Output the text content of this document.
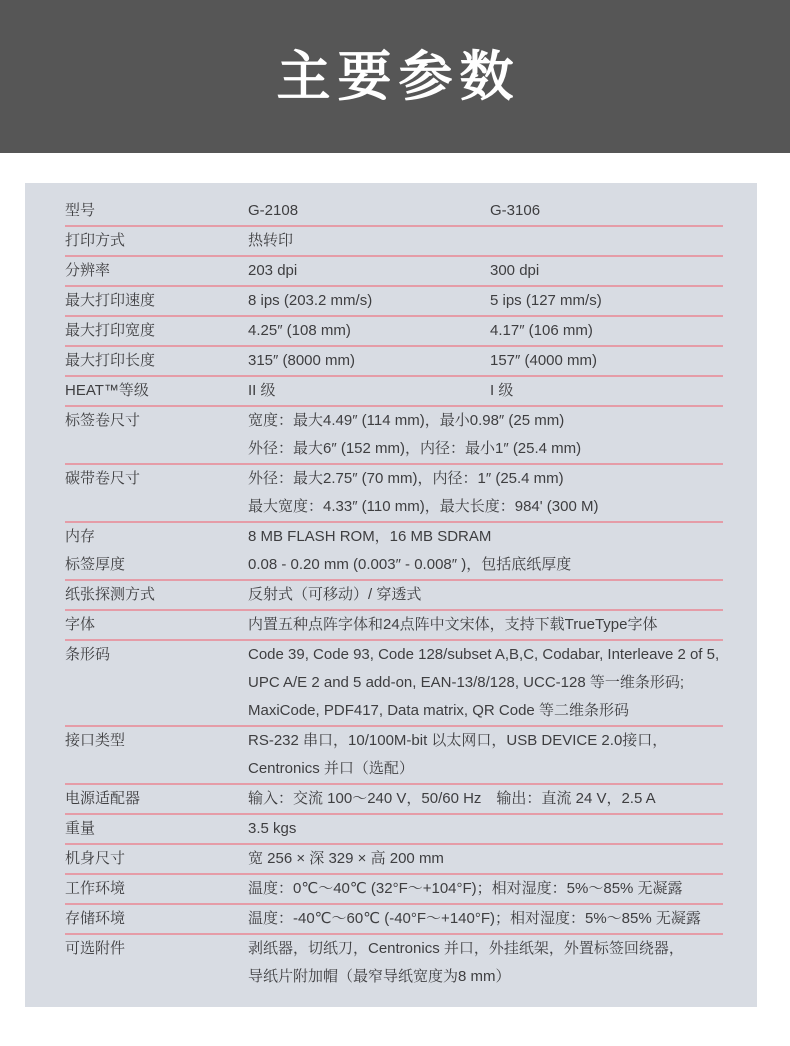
主要参数
型号	G-2108	G-3106
打印方式	热转印
分辨率	203 dpi	300 dpi
最大打印速度	8 ips (203.2 mm/s)	5 ips (127 mm/s)
最大打印宽度	4.25″ (108 mm)	4.17″ (106 mm)
最大打印长度	315″ (8000 mm)	157″ (4000 mm)
HEAT™等级	II 级	I 级
标签卷尺寸	宽度：最大4.49″ (114 mm)，最小0.98″ (25 mm)
外径：最大6″ (152 mm)，内径：最小1″ (25.4 mm)
碳带卷尺寸	外径：最大2.75″ (70 mm)，内径：1″ (25.4 mm)
最大宽度：4.33″ (110 mm)，最大长度：984' (300 M)
内存	8 MB FLASH ROM，16 MB SDRAM
标签厚度	0.08 - 0.20 mm (0.003″ - 0.008″ )，包括底纸厚度
纸张探测方式	反射式（可移动）/ 穿透式
字体	内置五种点阵字体和24点阵中文宋体，支持下载TrueType字体
条形码	Code 39, Code 93, Code 128/subset A,B,C, Codabar, Interleave 2 of 5,
UPC A/E 2 and 5 add-on, EAN-13/8/128, UCC-128 等一维条形码;
MaxiCode, PDF417, Data matrix, QR Code 等二维条形码
接口类型	RS-232 串口，10/100M-bit 以太网口，USB DEVICE 2.0接口，
Centronics 并口（选配）
电源适配器	输入：交流 100～240 V，50/60 Hz　输出：直流 24 V，2.5 A
重量	3.5 kgs
机身尺寸	宽 256 × 深 329 × 高 200 mm
工作环境	温度：0℃～40℃ (32°F～+104°F)；相对湿度：5%～85% 无凝露
存储环境	温度：-40℃～60℃ (-40°F～+140°F)；相对湿度：5%～85% 无凝露
可选附件	剥纸器，切纸刀，Centronics 并口，外挂纸架，外置标签回绕器，
导纸片附加帽（最窄导纸宽度为8 mm）
